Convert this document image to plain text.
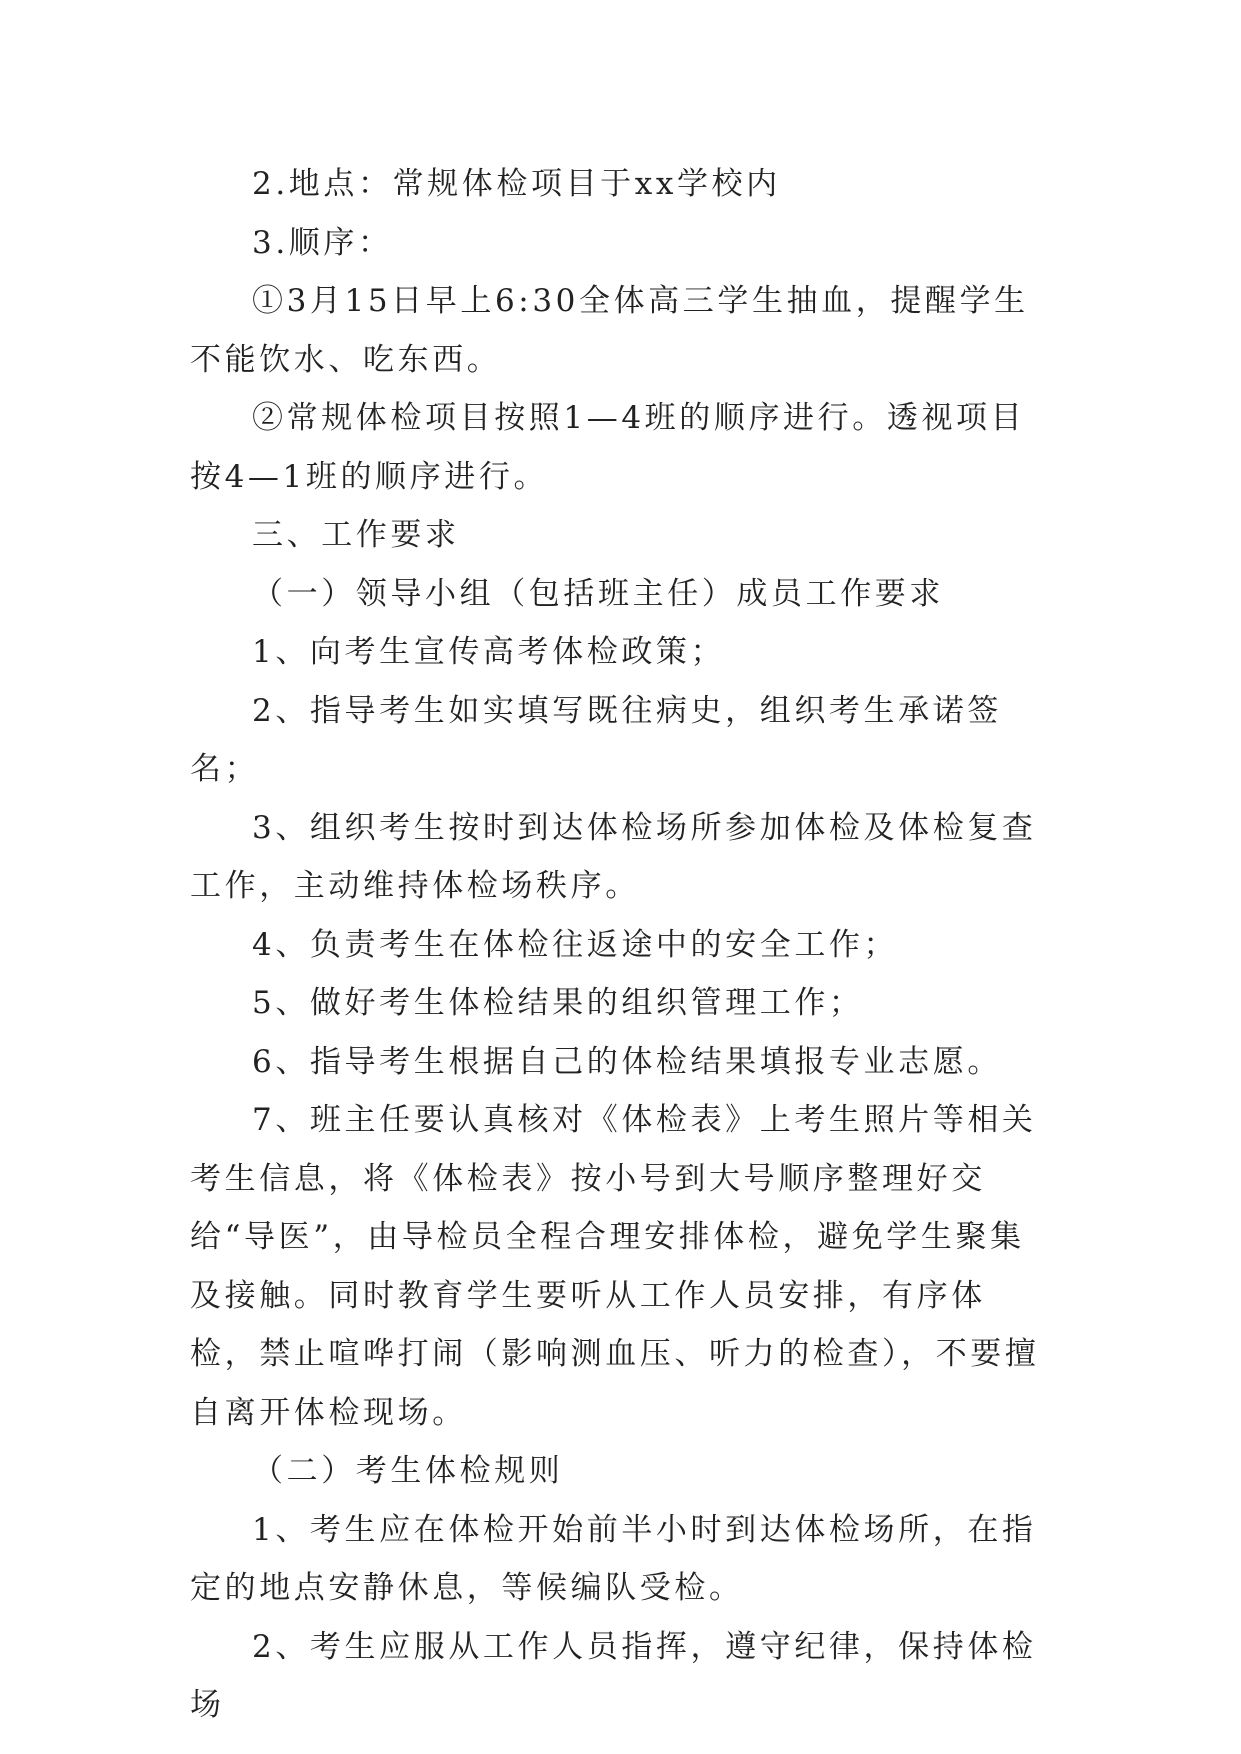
2.地点：常规体检项目于xx学校内

3.顺序：

①3月15日早上6:30全体高三学生抽血，提醒学生不能饮水、吃东西。

②常规体检项目按照1—4班的顺序进行。透视项目按4—1班的顺序进行。

三、工作要求

（一）领导小组（包括班主任）成员工作要求

1、向考生宣传高考体检政策；

2、指导考生如实填写既往病史，组织考生承诺签名；

3、组织考生按时到达体检场所参加体检及体检复查工作，主动维持体检场秩序。

4、负责考生在体检往返途中的安全工作；

5、做好考生体检结果的组织管理工作；

6、指导考生根据自己的体检结果填报专业志愿。

7、班主任要认真核对《体检表》上考生照片等相关考生信息，将《体检表》按小号到大号顺序整理好交给“导医”，由导检员全程合理安排体检，避免学生聚集及接触。同时教育学生要听从工作人员安排，有序体检，禁止喧哗打闹（影响测血压、听力的检查），不要擅自离开体检现场。

（二）考生体检规则

1、考生应在体检开始前半小时到达体检场所，在指定的地点安静休息，等候编队受检。

2、考生应服从工作人员指挥，遵守纪律，保持体检场
